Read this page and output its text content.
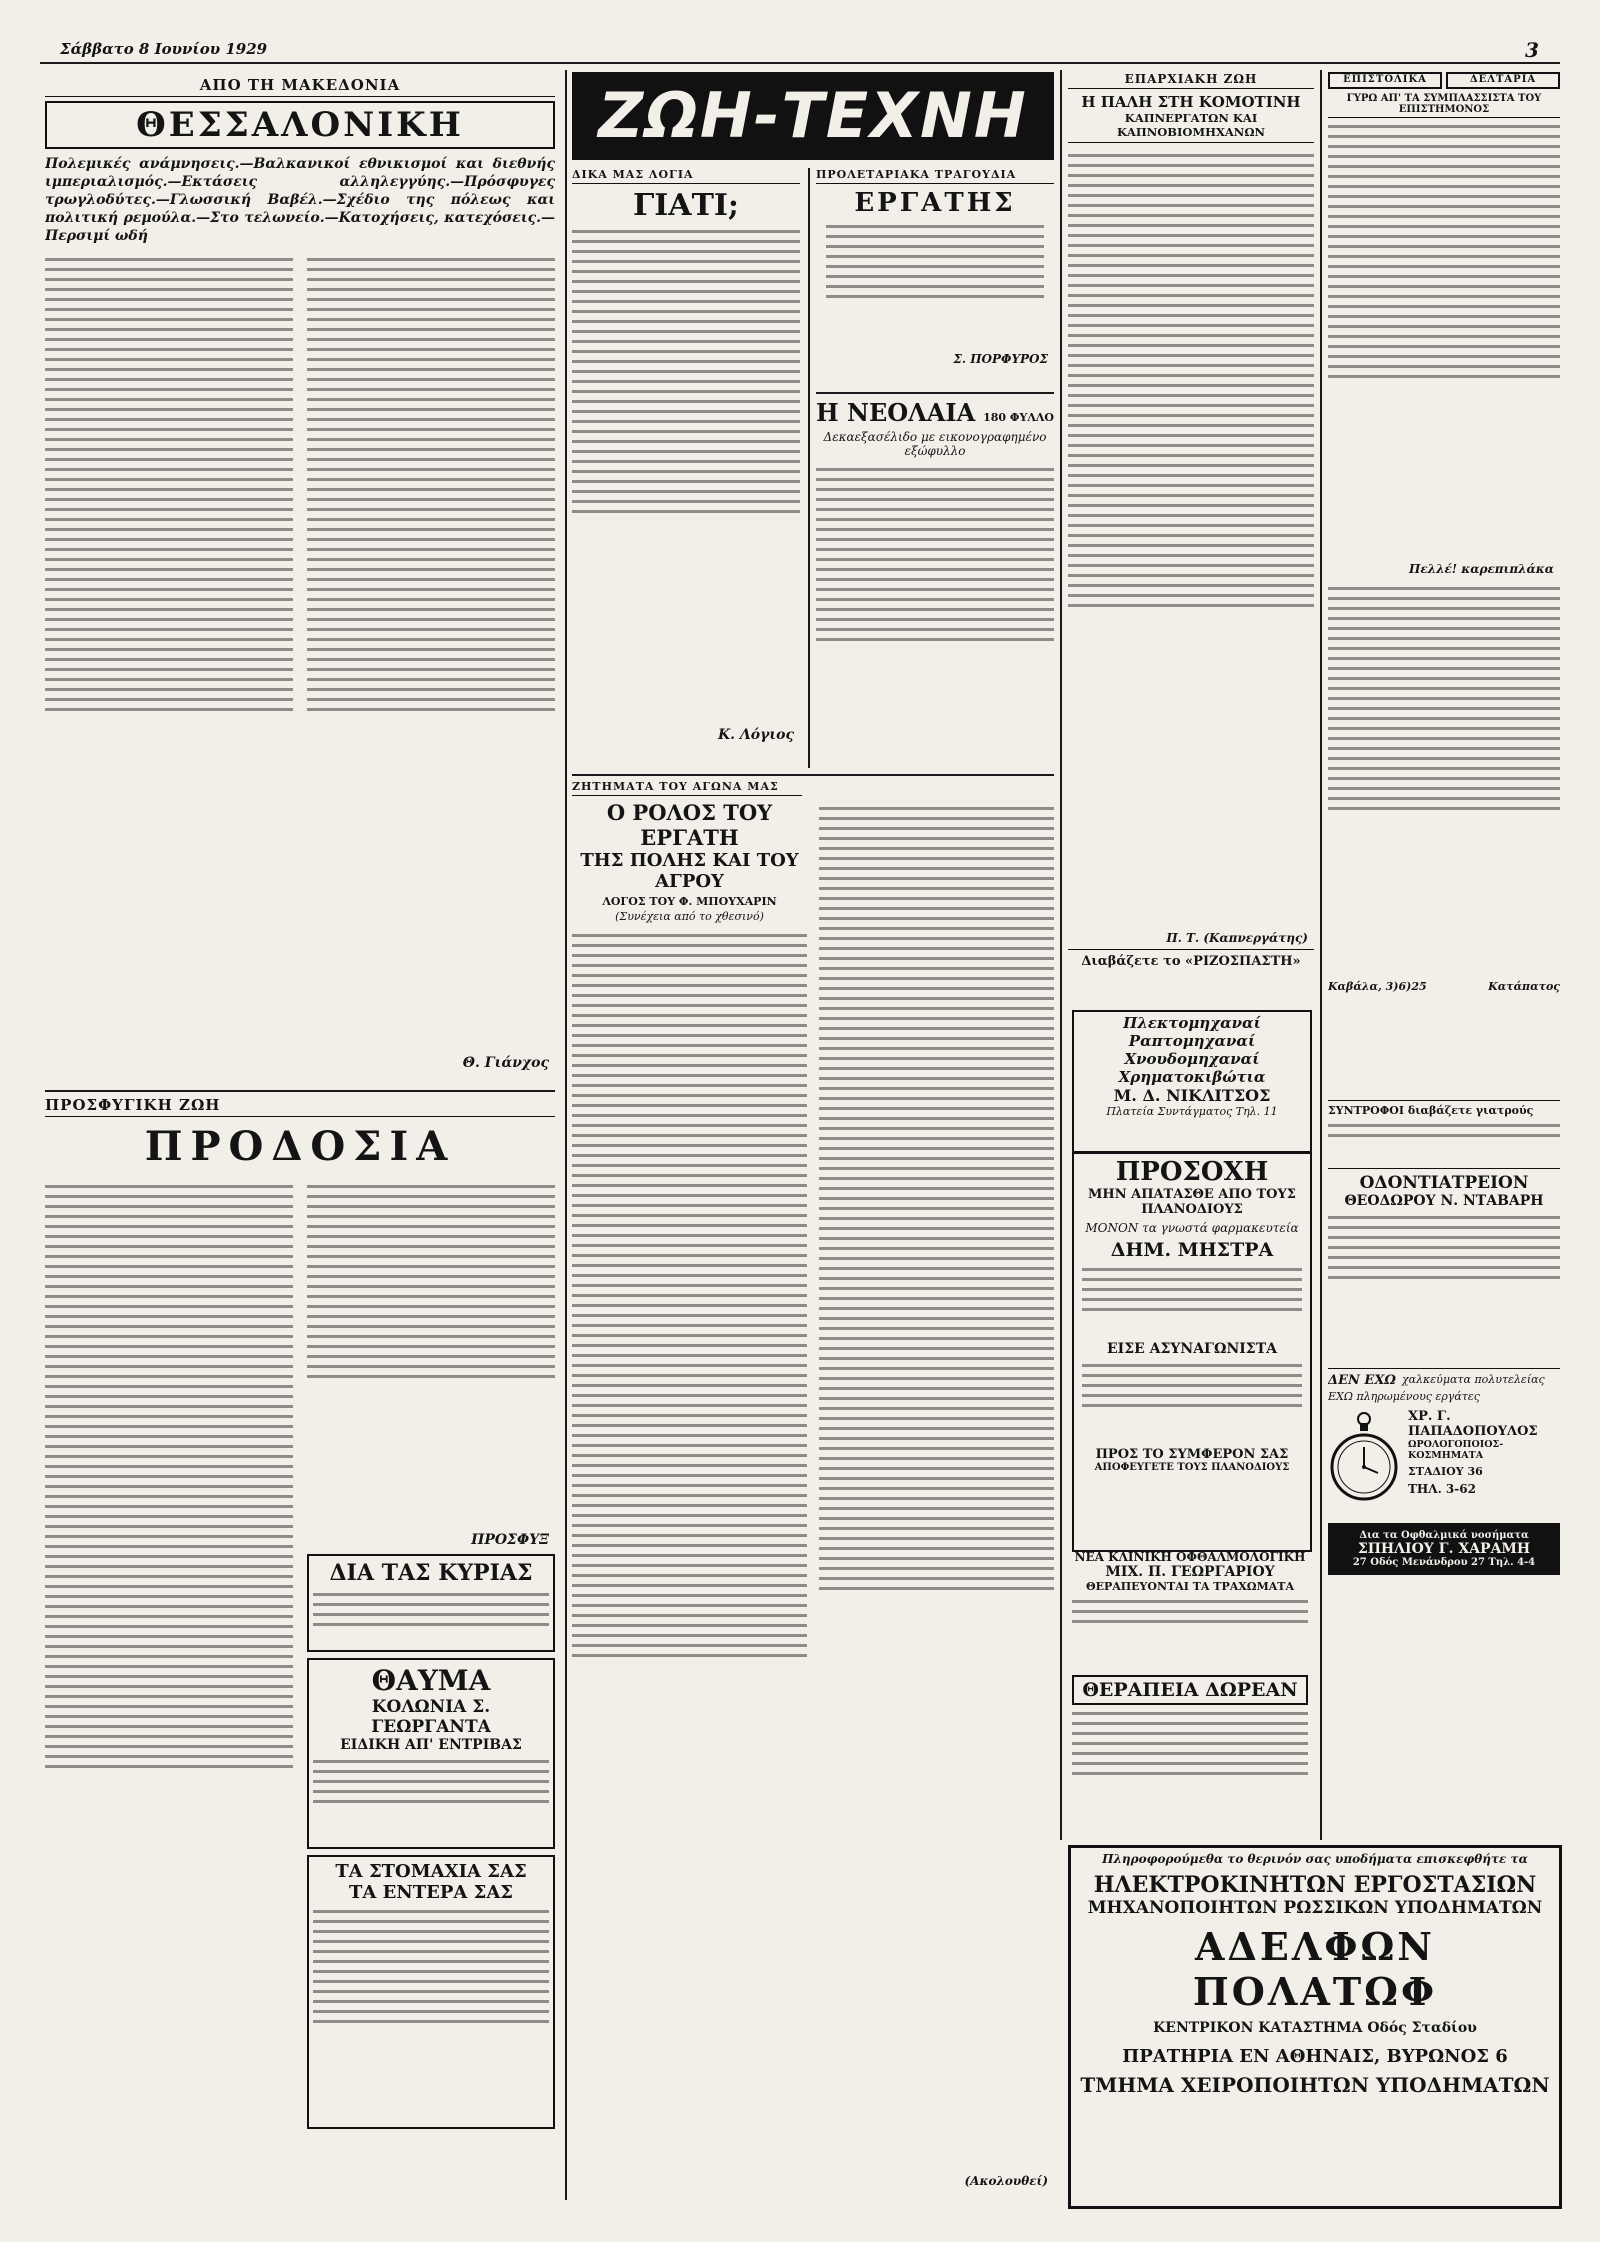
Σάββατο 8 Ιουνίου 1929	3
ΑΠΟ ΤΗ ΜΑΚΕΔΟΝΙΑ
ΘΕΣΣΑΛΟΝΙΚΗ
Πολεμικές ανάμνησεις.—Βαλκανικοί εθνικισμοί και διεθνής ιμπεριαλισμός.—Εκτάσεις αλληλεγγύης.—Πρόσφυγες τρωγλοδύτες.—Γλωσσική Βαβέλ.—Σχέδιο της πόλεως και πολιτική ρεμούλα.—Στο τελωνείο.—Κατοχήσεις, κατεχόσεις.—Περσιμί ωδή
Θ. Γιάνχος
ΠΡΟΣΦΥΓΙΚΗ ΖΩΗ
ΠΡΟΔΟΣΙΑ
ΠΡΟΣΦΥΞ
ΔΙΑ ΤΑΣ ΚΥΡΙΑΣ
ΘΑΥΜΑ
ΚΟΛΩΝΙΑ Σ. ΓΕΩΡΓΑΝΤΑ
ΕΙΔΙΚΗ ΑΠ' ΕΝΤΡΙΒΑΣ
ΤΑ ΣΤΟΜΑΧΙΑ ΣΑΣ
ΤΑ ΕΝΤΕΡΑ ΣΑΣ
ΖΩΗ-ΤΕΧΝΗ
ΔΙΚΑ ΜΑΣ ΛΟΓΙΑ
ΓΙΑΤΙ;
Κ. Λόγιος
ΠΡΟΛΕΤΑΡΙΑΚΑ ΤΡΑΓΟΥΔΙΑ
ΕΡΓΑΤΗΣ
Σ. ΠΟΡΦΥΡΟΣ
Η ΝΕΟΛΑΙΑ 180 ΦΥΛΛΟ
Δεκαεξασέλιδο με εικονογραφημένο εξώφυλλο
ΖΗΤΗΜΑΤΑ ΤΟΥ ΑΓΩΝΑ ΜΑΣ
Ο ΡΟΛΟΣ ΤΟΥ ΕΡΓΑΤΗ
ΤΗΣ ΠΟΛΗΣ ΚΑΙ ΤΟΥ ΑΓΡΟΥ
ΛΟΓΟΣ ΤΟΥ Φ. ΜΠΟΥΧΑΡΙΝ
(Συνέχεια από το χθεσινό)
(Ακολουθεί)
ΕΠΑΡΧΙΑΚΗ ΖΩΗ
Η ΠΑΛΗ ΣΤΗ ΚΟΜΟΤΙΝΗ
ΚΑΠΝΕΡΓΑΤΩΝ ΚΑΙ ΚΑΠΝΟΒΙΟΜΗΧΑΝΩΝ
Π. Τ. (Καπνεργάτης)
Διαβάζετε το «ΡΙΖΟΣΠΑΣΤΗ»
Πλεκτομηχαναί
Ραπτομηχαναί
Χνουδομηχαναί
Χρηματοκιβώτια
Μ. Δ. ΝΙΚΛΙΤΣΟΣ
Πλατεία Συντάγματος Τηλ. 11
ΠΡΟΣΟΧΗ
ΜΗΝ ΑΠΑΤΑΣΘΕ ΑΠΟ ΤΟΥΣ
ΠΛΑΝΟΔΙΟΥΣ
ΜΟΝΟΝ τα γνωστά φαρμακευτεία
ΔΗΜ. ΜΗΣΤΡΑ
ΕΙΣΕ ΑΣΥΝΑΓΩΝΙΣΤΑ
ΠΡΟΣ ΤΟ ΣΥΜΦΕΡΟΝ ΣΑΣ
ΑΠΟΦΕΥΓΕΤΕ ΤΟΥΣ ΠΛΑΝΟΔΙΟΥΣ
ΝΕΑ ΚΛΙΝΙΚΗ ΟΦΘΑΛΜΟΛΟΓΙΚΗ
ΜΙΧ. Π. ΓΕΩΡΓΑΡΙΟΥ
ΘΕΡΑΠΕΥΟΝΤΑΙ ΤΑ ΤΡΑΧΩΜΑΤΑ
ΘΕΡΑΠΕΙΑ ΔΩΡΕΑΝ
ΕΠΙΣΤΟΛΙΚΑ	ΔΕΛΤΑΡΙΑ
ΓΥΡΩ ΑΠ' ΤΑ ΣΥΜΠΛΑΣΣΙΣΤΑ ΤΟΥ ΕΠΙΣΤΗΜΟΝΟΣ
Πελλέ! καρεπιπλάκα
Καβάλα, 3)6)25	Κατάπατος
ΣΥΝΤΡΟΦΟΙ διαβάζετε γιατρούς
ΟΔΟΝΤΙΑΤΡΕΙΟΝ
ΘΕΟΔΩΡΟΥ Ν. ΝΤΑΒΑΡΗ
ΔΕΝ ΕΧΩ χαλκεύματα πολυτελείας
ΕΧΩ πληρωμένους εργάτες
ΧΡ. Γ. ΠΑΠΑΔΟΠΟΥΛΟΣ
ΩΡΟΛΟΓΟΠΟΙΟΣ-ΚΟΣΜΗΜΑΤΑ
ΣΤΑΔΙΟΥ 36
ΤΗΛ. 3-62
Δια τα Οφθαλμικά νοσήματα
ΣΠΗΛΙΟΥ Γ. ΧΑΡΑΜΗ
27 Οδός Μενάνδρου 27 Τηλ. 4-4
Πληροφορούμεθα το θερινόν σας υποδήματα επισκεφθήτε τα
ΗΛΕΚΤΡΟΚΙΝΗΤΩΝ ΕΡΓΟΣΤΑΣΙΩΝ
ΜΗΧΑΝΟΠΟΙΗΤΩΝ ΡΩΣΣΙΚΩΝ ΥΠΟΔΗΜΑΤΩΝ
ΑΔΕΛΦΩΝ ΠΟΛΑΤΩΦ
ΚΕΝΤΡΙΚΟΝ ΚΑΤΑΣΤΗΜΑ Οδός Σταδίου
ΠΡΑΤΗΡΙΑ ΕΝ ΑΘΗΝΑΙΣ, ΒΥΡΩΝΟΣ 6
ΤΜΗΜΑ ΧΕΙΡΟΠΟΙΗΤΩΝ ΥΠΟΔΗΜΑΤΩΝ
